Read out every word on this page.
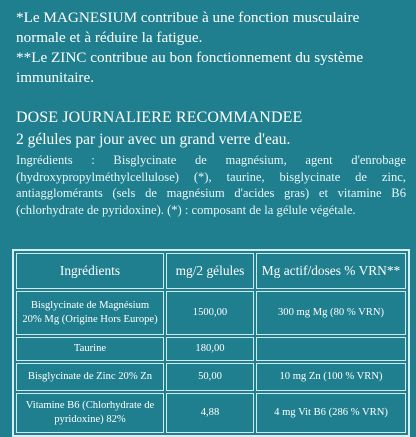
*Le MAGNESIUM contribue à une fonction musculaire normale et à réduire la fatigue.

**Le ZINC contribue au bon fonctionnement du système immunitaire.

DOSE JOURNALIERE RECOMMANDEE

2 gélules par jour avec un grand verre d'eau.

Ingrédients : Bisglycinate de magnésium, agent d'enrobage (hydroxypropylméthylcellulose) (*), taurine, bisglycinate de zinc, antiagglomérants (sels de magnésium d'acides gras) et vitamine B6 (chlorhydrate de pyridoxine). (*) : composant de la gélule végétale.

Ingrédients	mg/2 gélules	Mg actif/doses % VRN**
Bisglycinate de Magnésium 20% Mg (Origine Hors Europe)	1500,00	300 mg Mg (80 % VRN)
Taurine	180,00	
Bisglycinate de Zinc 20% Zn	50,00	10 mg Zn (100 % VRN)
Vitamine B6 (Chlorhydrate de pyridoxine) 82%	4,88	4 mg Vit B6 (286 % VRN)
